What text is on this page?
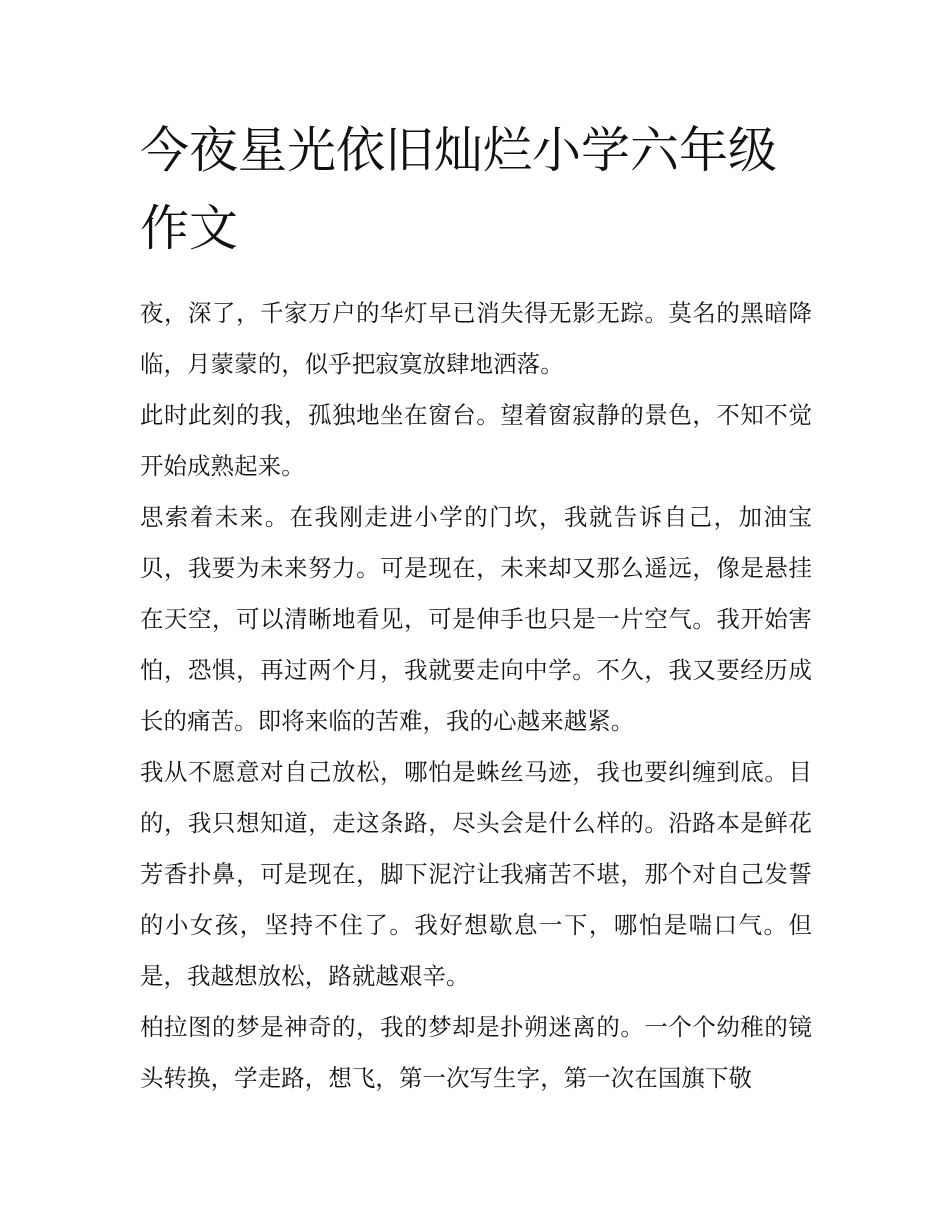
今夜星光依旧灿烂小学六年级作文

夜，深了，千家万户的华灯早已消失得无影无踪。莫名的黑暗降临，月蒙蒙的，似乎把寂寞放肆地洒落。

此时此刻的我，孤独地坐在窗台。望着窗寂静的景色，不知不觉开始成熟起来。

思索着未来。在我刚走进小学的门坎，我就告诉自己，加油宝贝，我要为未来努力。可是现在，未来却又那么遥远，像是悬挂在天空，可以清晰地看见，可是伸手也只是一片空气。我开始害怕，恐惧，再过两个月，我就要走向中学。不久，我又要经历成长的痛苦。即将来临的苦难，我的心越来越紧。

我从不愿意对自己放松，哪怕是蛛丝马迹，我也要纠缠到底。目的，我只想知道，走这条路，尽头会是什么样的。沿路本是鲜花芳香扑鼻，可是现在，脚下泥泞让我痛苦不堪，那个对自己发誓的小女孩，坚持不住了。我好想歇息一下，哪怕是喘口气。但是，我越想放松，路就越艰辛。

柏拉图的梦是神奇的，我的梦却是扑朔迷离的。一个个幼稚的镜头转换，学走路，想飞，第一次写生字，第一次在国旗下敬
